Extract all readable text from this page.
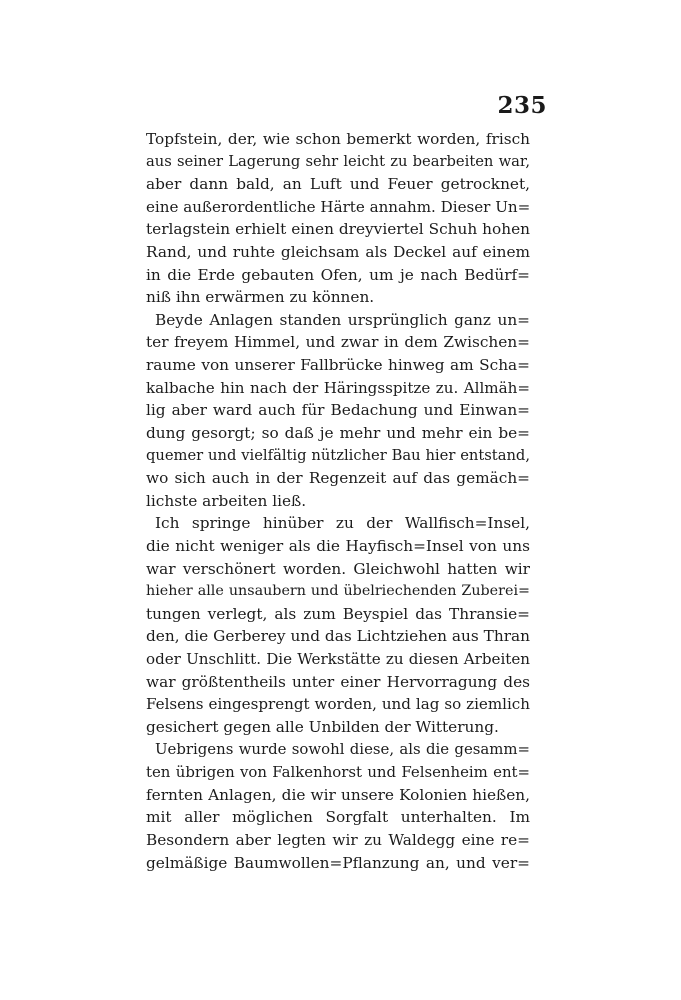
235
Topfstein, der, wie schon bemerkt worden, frisch
aus seiner Lagerung sehr leicht zu bearbeiten war,
aber dann bald, an Luft und Feuer getrocknet,
eine außerordentliche Härte annahm. Dieser Un=
terlagstein erhielt einen dreyviertel Schuh hohen
Rand, und ruhte gleichsam als Deckel auf einem
in die Erde gebauten Ofen, um je nach Bedürf=
niß ihn erwärmen zu können.
Beyde Anlagen standen ursprünglich ganz un=
ter freyem Himmel, und zwar in dem Zwischen=
raume von unserer Fallbrücke hinweg am Scha=
kalbache hin nach der Häringsspitze zu. Allmäh=
lig aber ward auch für Bedachung und Einwan=
dung gesorgt; so daß je mehr und mehr ein be=
quemer und vielfältig nützlicher Bau hier entstand,
wo sich auch in der Regenzeit auf das gemäch=
lichste arbeiten ließ.
Ich springe hinüber zu der Wallfisch=Insel,
die nicht weniger als die Hayfisch=Insel von uns
war verschönert worden. Gleichwohl hatten wir
hieher alle unsaubern und übelriechenden Zuberei=
tungen verlegt, als zum Beyspiel das Thransie=
den, die Gerberey und das Lichtziehen aus Thran
oder Unschlitt. Die Werkstätte zu diesen Arbeiten
war größtentheils unter einer Hervorragung des
Felsens eingesprengt worden, und lag so ziemlich
gesichert gegen alle Unbilden der Witterung.
Uebrigens wurde sowohl diese, als die gesamm=
ten übrigen von Falkenhorst und Felsenheim ent=
fernten Anlagen, die wir unsere Kolonien hießen,
mit aller möglichen Sorgfalt unterhalten. Im
Besondern aber legten wir zu Waldegg eine re=
gelmäßige Baumwollen=Pflanzung an, und ver=
